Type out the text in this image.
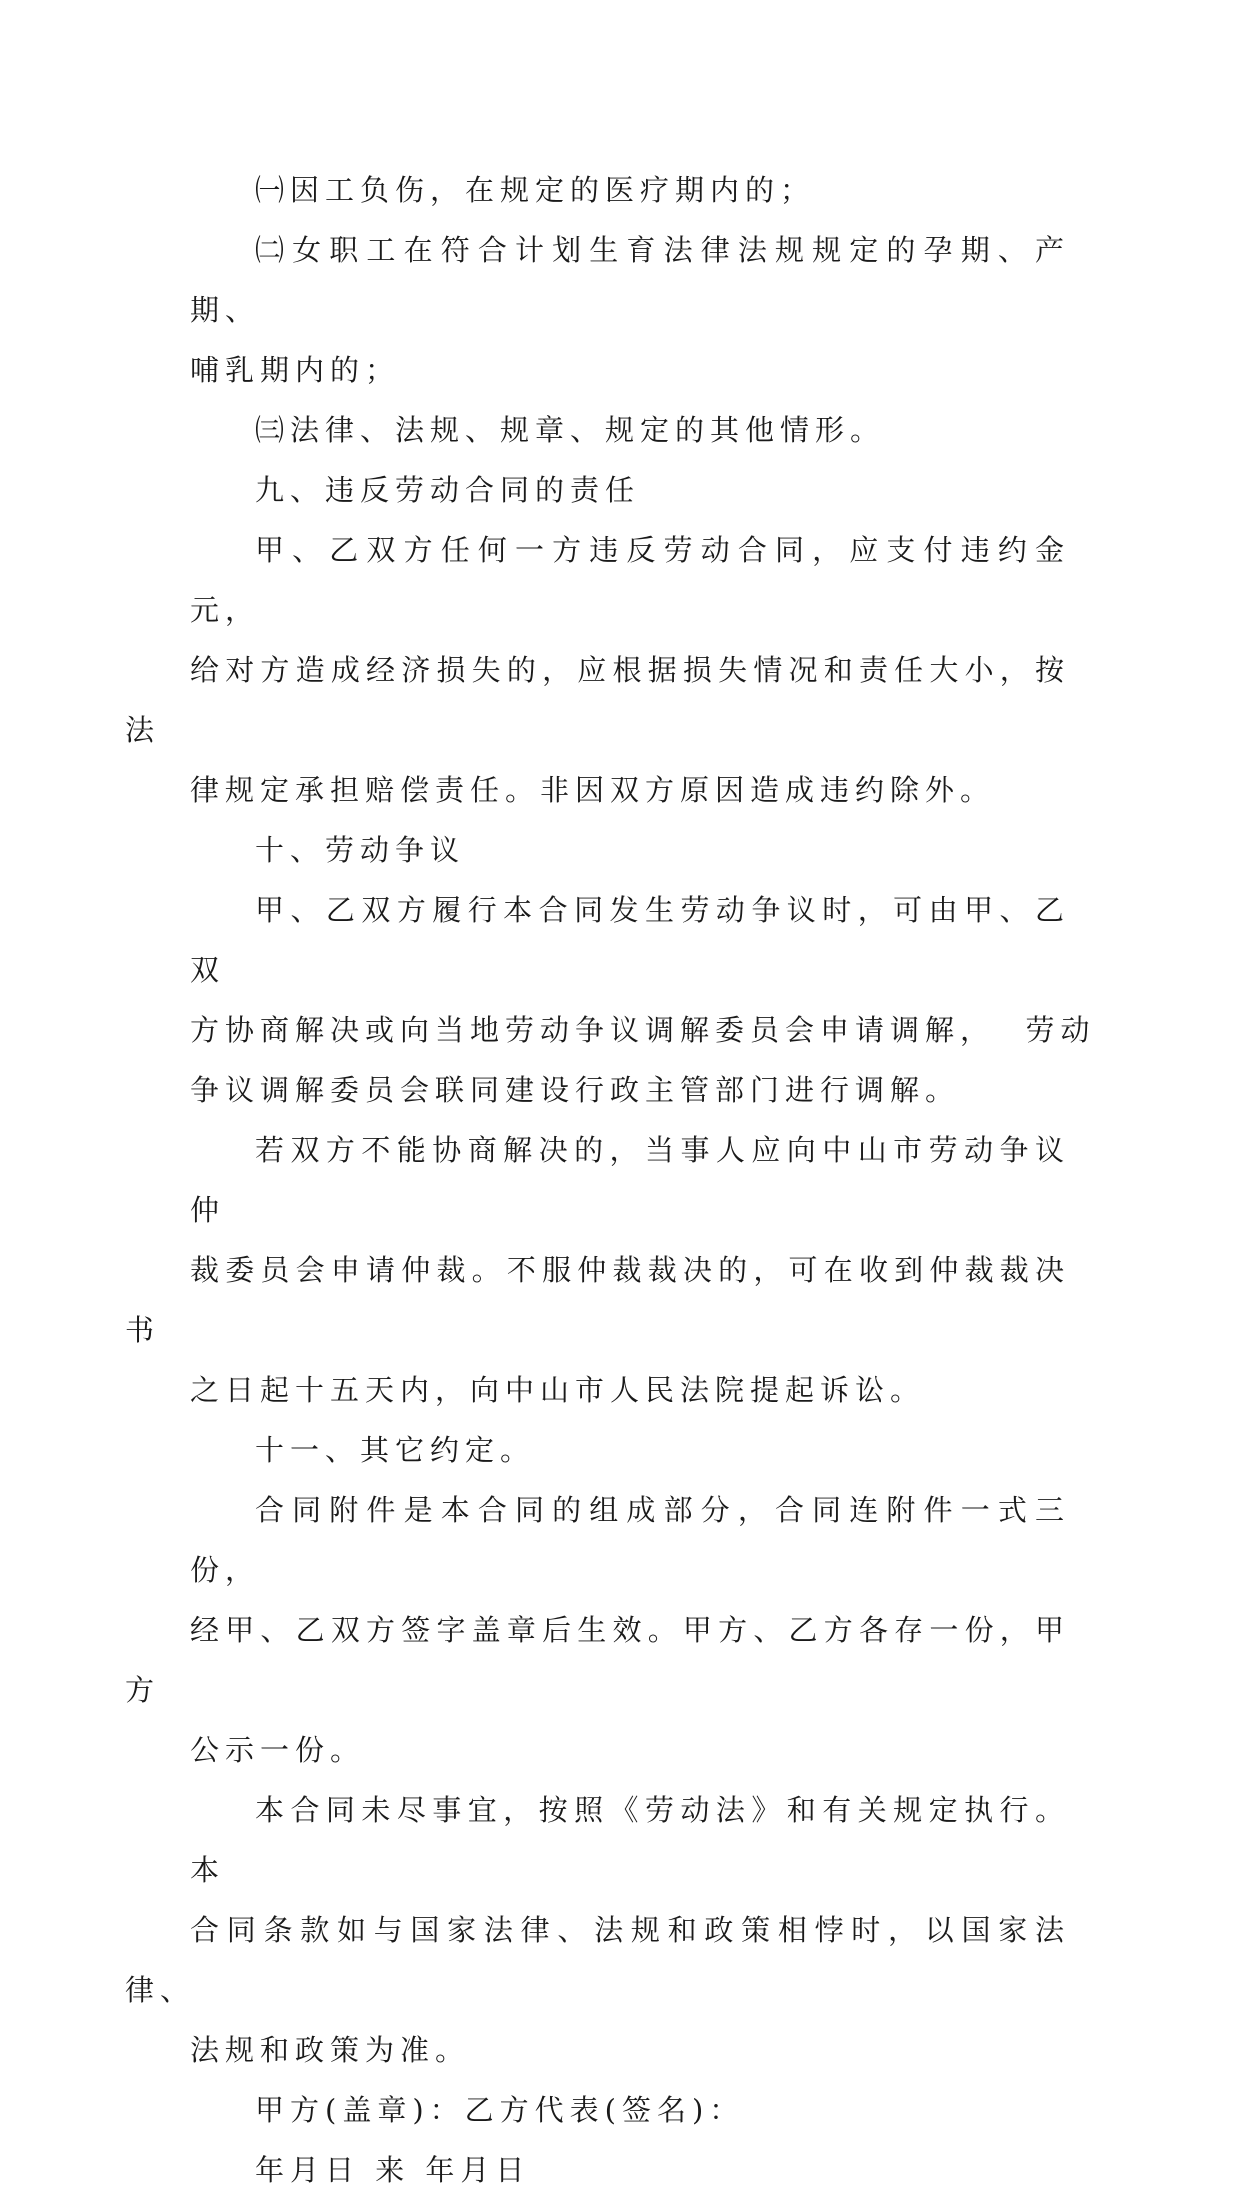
㈠因工负伤，在规定的医疗期内的；

㈡女职工在符合计划生育法律法规规定的孕期、产期、
哺乳期内的；

㈢法律、法规、规章、规定的其他情形。

九、违反劳动合同的责任

甲、乙双方任何一方违反劳动合同，应支付违约金元，
给对方造成经济损失的，应根据损失情况和责任大小，按法
律规定承担赔偿责任。非因双方原因造成违约除外。

十、劳动争议

甲、乙双方履行本合同发生劳动争议时，可由甲、乙双
方协商解决或向当地劳动争议调解委员会申请调解，  劳动
争议调解委员会联同建设行政主管部门进行调解。

若双方不能协商解决的，当事人应向中山市劳动争议仲
裁委员会申请仲裁。不服仲裁裁决的，可在收到仲裁裁决书
之日起十五天内，向中山市人民法院提起诉讼。

十一、其它约定。

合同附件是本合同的组成部分，合同连附件一式三份，
经甲、乙双方签字盖章后生效。甲方、乙方各存一份，甲方
公示一份。

本合同未尽事宜，按照《劳动法》和有关规定执行。本
合同条款如与国家法律、法规和政策相悖时，以国家法律、
法规和政策为准。

甲方(盖章)：乙方代表(签名)：

年月日 来 年月日
